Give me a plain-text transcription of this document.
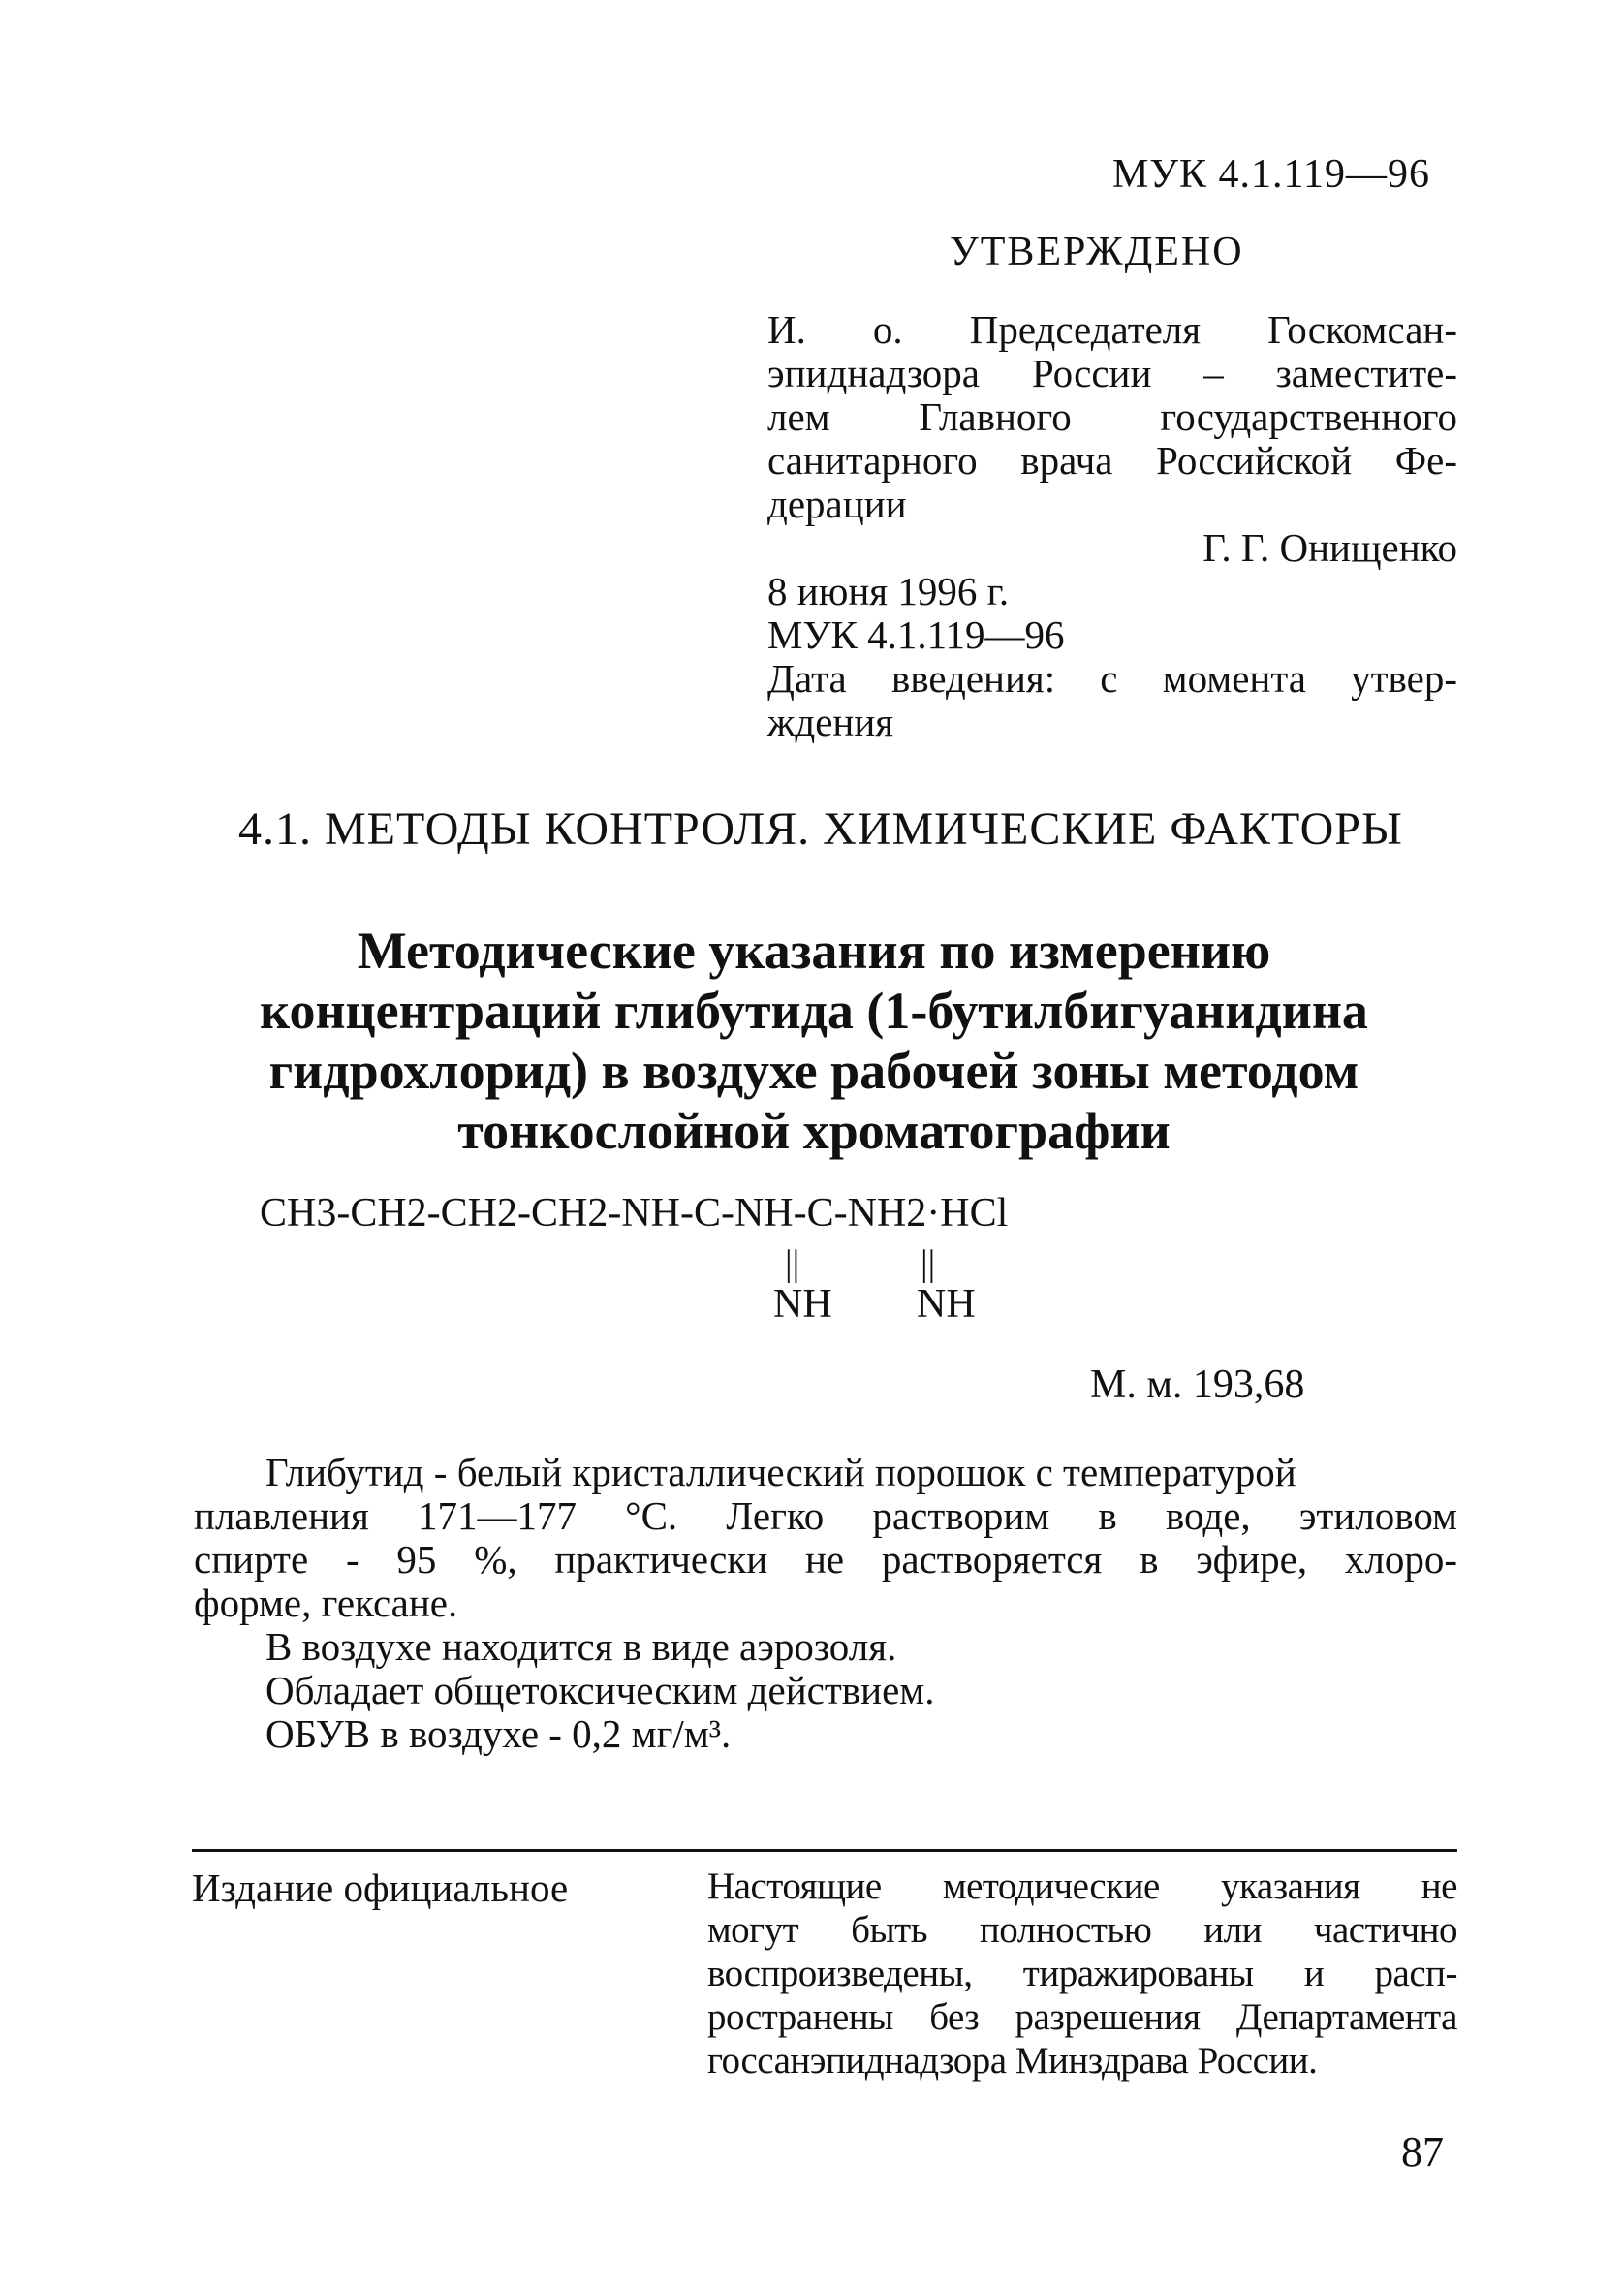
МУК 4.1.119—96
УТВЕРЖДЕНО
И. о. Председателя Госкомсан-
эпиднадзора России – заместите-
лем Главного государственного
санитарного врача Российской Фе-
дерации
Г. Г. Онищенко
8 июня 1996 г.
МУК 4.1.119—96
Дата введения: с момента утвер-
ждения
4.1. МЕТОДЫ КОНТРОЛЯ. ХИМИЧЕСКИЕ ФАКТОРЫ
Методические указания по измерению
концентраций глибутида (1-бутилбигуанидина
гидрохлорид) в воздухе рабочей зоны методом
тонкослойной хроматографии
CH3-CH2-CH2-CH2-NH-C-NH-C-NH2·HCl
||	||
NH NH
М. м. 193,68
Глибутид - белый кристаллический порошок с температурой
плавления 171—177 °С. Легко растворим в воде, этиловом
спирте - 95 %, практически не растворяется в эфире, хлоро-
форме, гексане.
В воздухе находится в виде аэрозоля.
Обладает общетоксическим действием.
ОБУВ в воздухе - 0,2 мг/м³.
Издание официальное	Настоящие методические указания не
могут быть полностью или частично
воспроизведены, тиражированы и расп-
ространены без разрешения Департамента
госсанэпиднадзора Минздрава России.
87
